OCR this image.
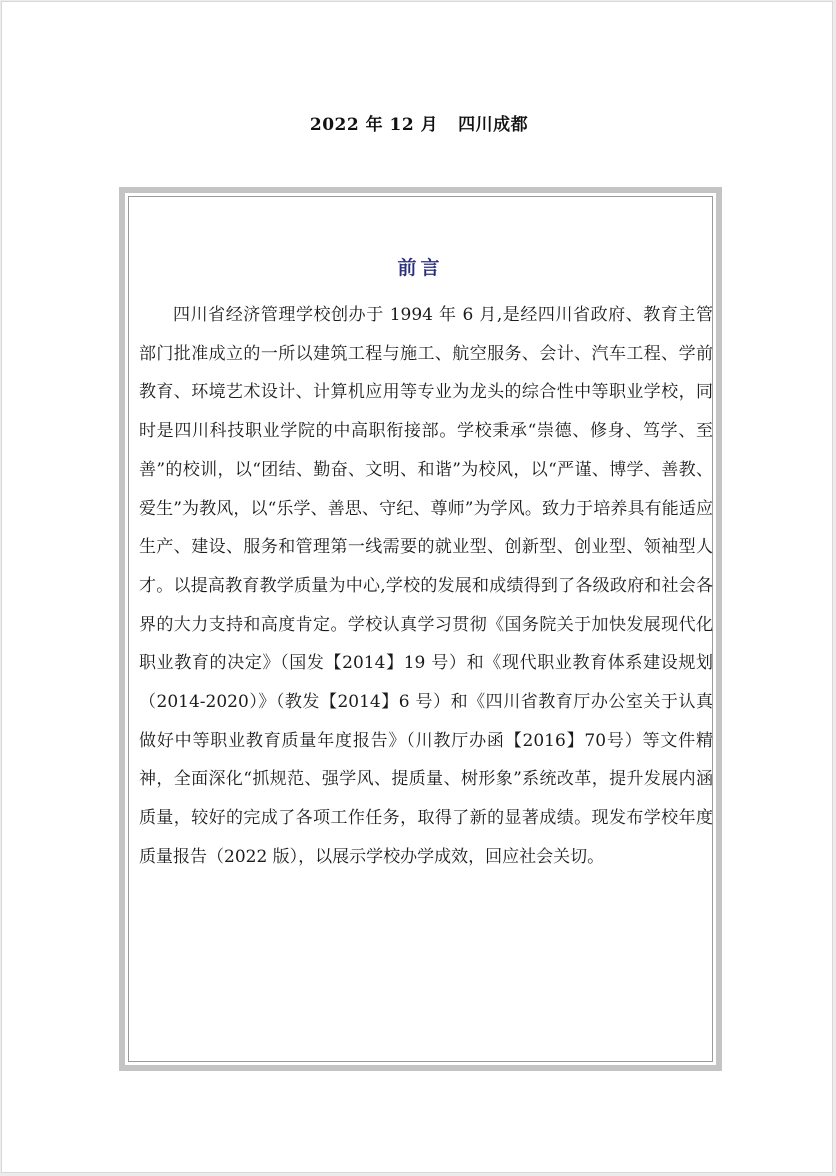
2022 年 12 月 四川成都
前言

四川省经济管理学校创办于 1994 年 6 月,是经四川省政府、教育主管部门批准成立的一所以建筑工程与施工、航空服务、会计、汽车工程、学前教育、环境艺术设计、计算机应用等专业为龙头的综合性中等职业学校，同时是四川科技职业学院的中高职衔接部。学校秉承“崇德、修身、笃学、至善”的校训，以“团结、勤奋、文明、和谐”为校风，以“严谨、博学、善教、爱生”为教风，以“乐学、善思、守纪、尊师”为学风。致力于培养具有能适应生产、建设、服务和管理第一线需要的就业型、创新型、创业型、领袖型人才。以提高教育教学质量为中心,学校的发展和成绩得到了各级政府和社会各界的大力支持和高度肯定。学校认真学习贯彻《国务院关于加快发展现代化职业教育的决定》（国发【2014】19 号）和《现代职业教育体系建设规划（2014-2020）》（教发【2014】6 号）和《四川省教育厅办公室关于认真做好中等职业教育质量年度报告》（川教厅办函【2016】70号）等文件精神，全面深化“抓规范、强学风、提质量、树形象”系统改革，提升发展内涵质量，较好的完成了各项工作任务，取得了新的显著成绩。现发布学校年度质量报告（2022 版），以展示学校办学成效，回应社会关切。
